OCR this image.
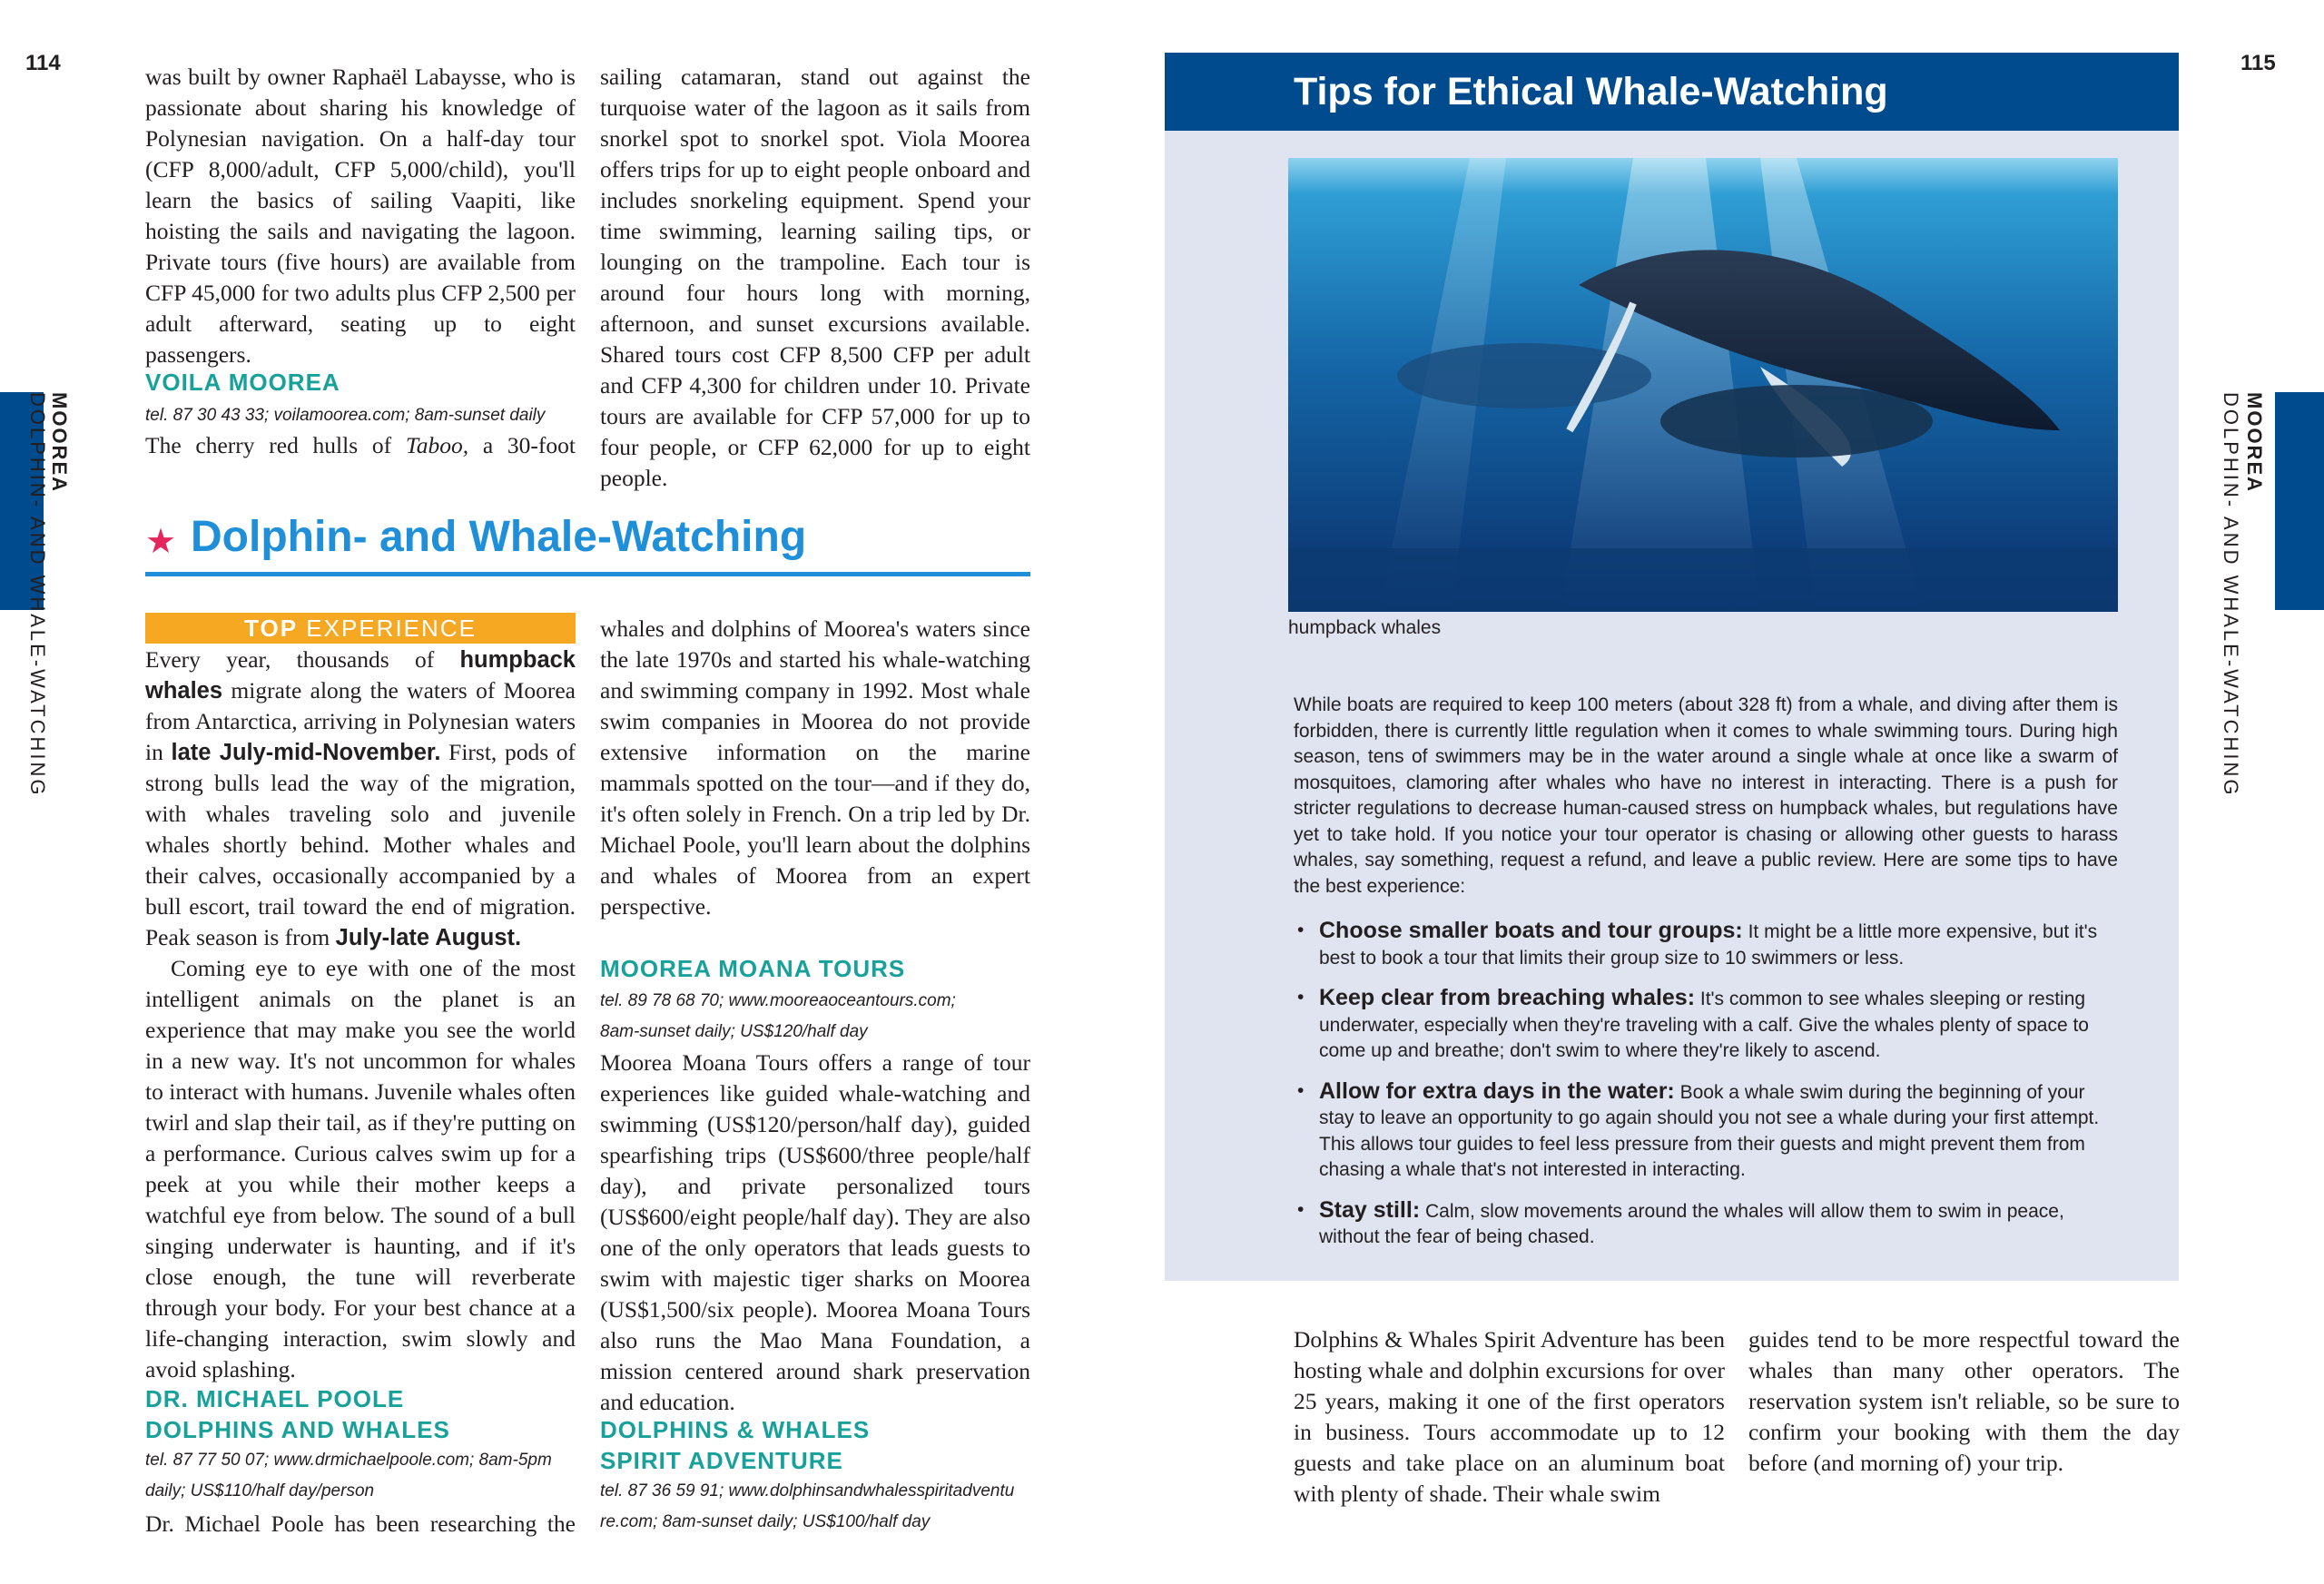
114
MOOREA
DOLPHIN- AND WHALE-WATCHING

was built by owner Raphaël Labaysse, who is passionate about sharing his knowledge of Polynesian navigation. On a half-day tour (CFP 8,000/adult, CFP 5,000/child), you'll learn the basics of sailing Vaapiti, like hoisting the sails and navigating the lagoon. Private tours (five hours) are available from CFP 45,000 for two adults plus CFP 2,500 per adult afterward, seating up to eight passengers.

VOILA MOOREA
tel. 87 30 43 33; voilamoorea.com; 8am-sunset daily
The cherry red hulls of Taboo, a 30-foot

sailing catamaran, stand out against the turquoise water of the lagoon as it sails from snorkel spot to snorkel spot. Viola Moorea offers trips for up to eight people onboard and includes snorkeling equipment. Spend your time swimming, learning sailing tips, or lounging on the trampoline. Each tour is around four hours long with morning, afternoon, and sunset excursions available. Shared tours cost CFP 8,500 CFP per adult and CFP 4,300 for children under 10. Private tours are available for CFP 57,000 for up to four people, or CFP 62,000 for up to eight people.

★ Dolphin- and Whale-Watching
TOP EXPERIENCE

Every year, thousands of humpback whales migrate along the waters of Moorea from Antarctica, arriving in Polynesian waters in late July-mid-November. First, pods of strong bulls lead the way of the migration, with whales traveling solo and juvenile whales shortly behind. Mother whales and their calves, occasionally accompanied by a bull escort, trail toward the end of migration. Peak season is from July-late August.

Coming eye to eye with one of the most intelligent animals on the planet is an experience that may make you see the world in a new way. It's not uncommon for whales to interact with humans. Juvenile whales often twirl and slap their tail, as if they're putting on a performance. Curious calves swim up for a peek at you while their mother keeps a watchful eye from below. The sound of a bull singing underwater is haunting, and if it's close enough, the tune will reverberate through your body. For your best chance at a life-changing interaction, swim slowly and avoid splashing.

DR. MICHAEL POOLE
DOLPHINS AND WHALES
tel. 87 77 50 07; www.drmichaelpoole.com; 8am-5pm
daily; US$110/half day/person
Dr. Michael Poole has been researching the

whales and dolphins of Moorea's waters since the late 1970s and started his whale-watching and swimming company in 1992. Most whale swim companies in Moorea do not provide extensive information on the marine mammals spotted on the tour—and if they do, it's often solely in French. On a trip led by Dr. Michael Poole, you'll learn about the dolphins and whales of Moorea from an expert perspective.

MOOREA MOANA TOURS
tel. 89 78 68 70; www.mooreaoceantours.com;
8am-sunset daily; US$120/half day

Moorea Moana Tours offers a range of tour experiences like guided whale-watching and swimming (US$120/person/half day), guided spearfishing trips (US$600/three people/half day), and private personalized tours (US$600/eight people/half day). They are also one of the only operators that leads guests to swim with majestic tiger sharks on Moorea (US$1,500/six people). Moorea Moana Tours also runs the Mao Mana Foundation, a mission centered around shark preservation and education.

DOLPHINS & WHALES
SPIRIT ADVENTURE
tel. 87 36 59 91; www.dolphinsandwhalesspiritadventu
re.com; 8am-sunset daily; US$100/half day
115
MOOREA
DOLPHIN- AND WHALE-WATCHING
Tips for Ethical Whale-Watching
humpback whales
While boats are required to keep 100 meters (about 328 ft) from a whale, and diving after them is forbidden, there is currently little regulation when it comes to whale swimming tours. During high season, tens of swimmers may be in the water around a single whale at once like a swarm of mosquitoes, clamoring after whales who have no interest in interacting. There is a push for stricter regulations to decrease human-caused stress on humpback whales, but regulations have yet to take hold. If you notice your tour operator is chasing or allowing other guests to harass whales, say something, request a refund, and leave a public review. Here are some tips to have the best experience:
• Choose smaller boats and tour groups: It might be a little more expensive, but it's best to book a tour that limits their group size to 10 swimmers or less.
• Keep clear from breaching whales: It's common to see whales sleeping or resting underwater, especially when they're traveling with a calf. Give the whales plenty of space to come up and breathe; don't swim to where they're likely to ascend.
• Allow for extra days in the water: Book a whale swim during the beginning of your stay to leave an opportunity to go again should you not see a whale during your first attempt. This allows tour guides to feel less pressure from their guests and might prevent them from chasing a whale that's not interested in interacting.
• Stay still: Calm, slow movements around the whales will allow them to swim in peace, without the fear of being chased.

Dolphins & Whales Spirit Adventure has been hosting whale and dolphin excursions for over 25 years, making it one of the first operators in business. Tours accommodate up to 12 guests and take place on an aluminum boat with plenty of shade. Their whale swim

guides tend to be more respectful toward the whales than many other operators. The reservation system isn't reliable, so be sure to confirm your booking with them the day before (and morning of) your trip.
